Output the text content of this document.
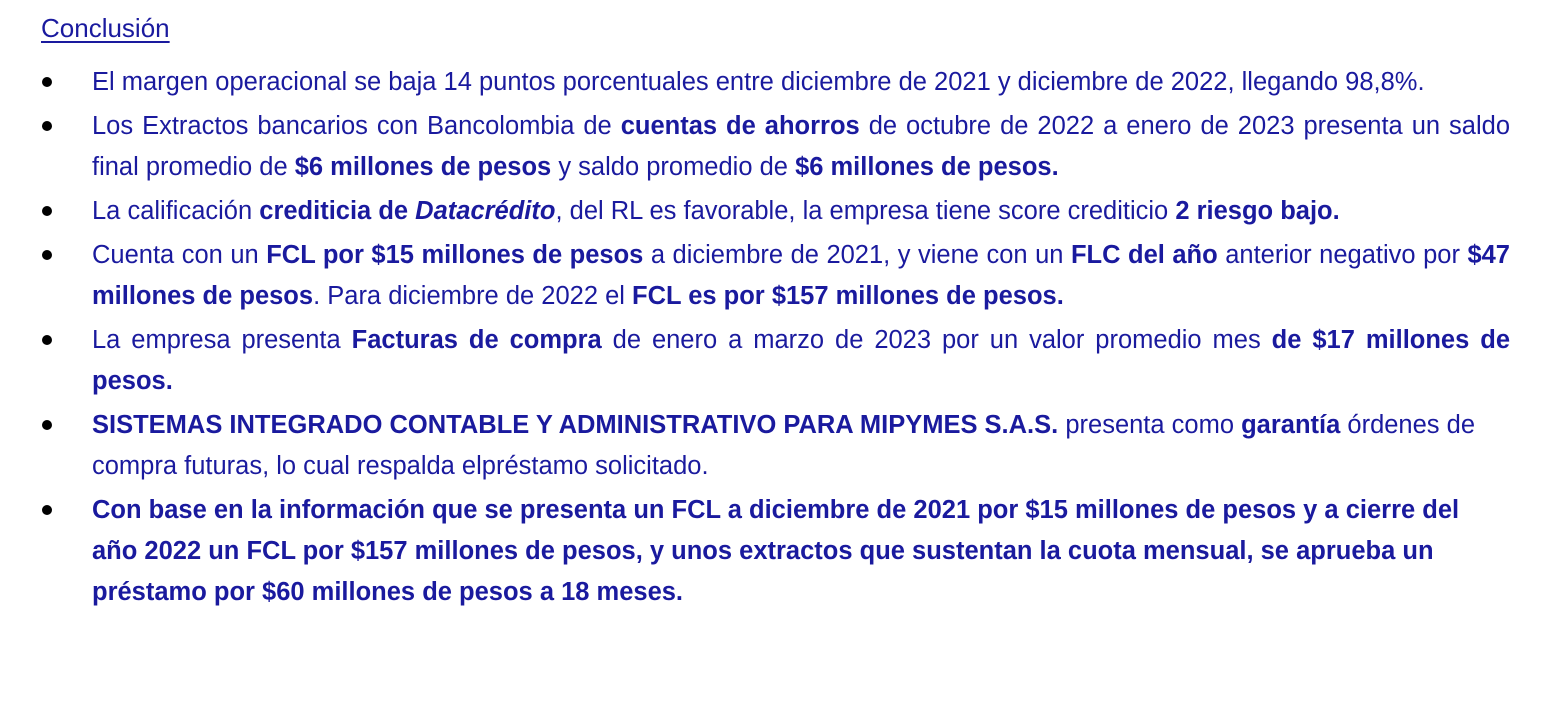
Conclusión
El margen operacional se baja 14 puntos porcentuales entre diciembre de 2021 y diciembre de 2022, llegando 98,8%.
Los Extractos bancarios con Bancolombia de cuentas de ahorros de octubre de 2022 a enero de 2023 presenta un saldo final promedio de $6 millones de pesos y saldo promedio de $6 millones de pesos.
La calificación crediticia de Datacrédito, del RL es favorable, la empresa tiene score crediticio 2 riesgo bajo.
Cuenta con un FCL por $15 millones de pesos a diciembre de 2021, y viene con un FLC del año anterior negativo por $47 millones de pesos. Para diciembre de 2022 el FCL es por $157 millones de pesos.
La empresa presenta Facturas de compra de enero a marzo de 2023 por un valor promedio mes de $17 millones de pesos.
SISTEMAS INTEGRADO CONTABLE Y ADMINISTRATIVO PARA MIPYMES S.A.S. presenta como garantía órdenes de compra futuras, lo cual respalda elpréstamo solicitado.
Con base en la información que se presenta un FCL a diciembre de 2021 por $15 millones de pesos y a cierre del año 2022 un FCL por $157 millones de pesos, y unos extractos que sustentan la cuota mensual, se aprueba un préstamo por $60 millones de pesos a 18 meses.
